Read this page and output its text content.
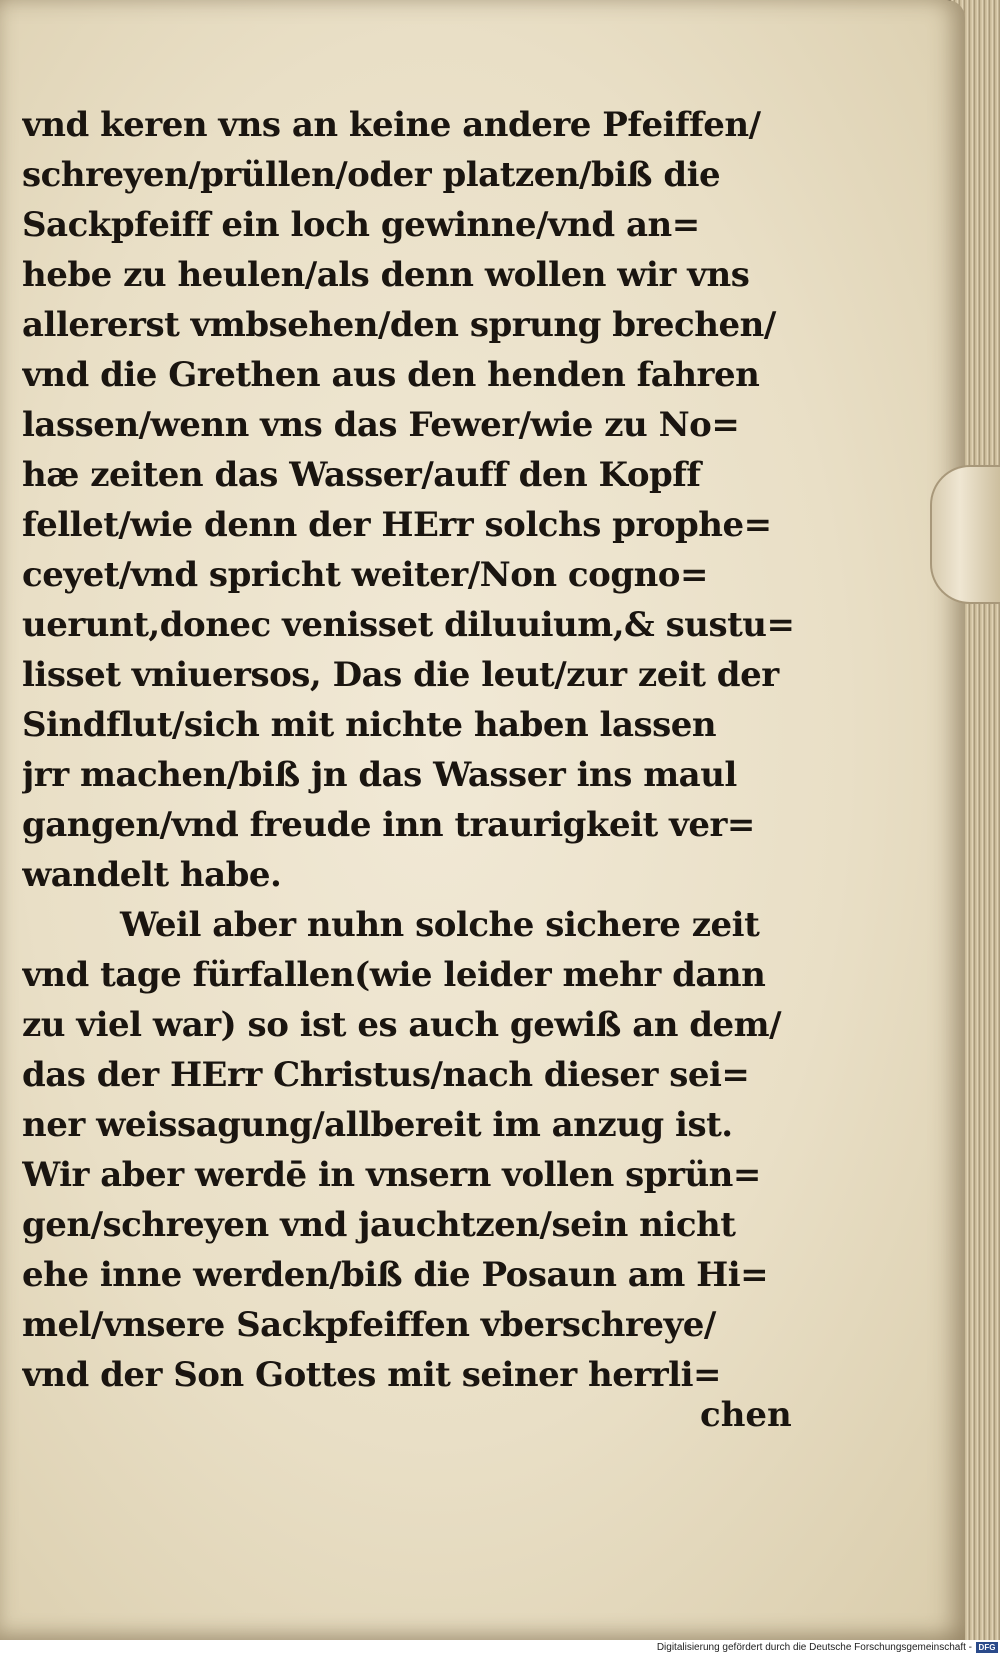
vnd keren vns an keine andere Pfeiffen/
schreyen/prüllen/oder platzen/biß die
Sackpfeiff ein loch gewinne/vnd an=
hebe zu heulen/als denn wollen wir vns
allererst vmbsehen/den sprung brechen/
vnd die Grethen aus den henden fahren
lassen/wenn vns das Fewer/wie zu No=
hæ zeiten das Wasser/auff den Kopff
fellet/wie denn der HErr solchs prophe=
ceyet/vnd spricht weiter/Non cogno=
uerunt,donec venisset diluuium,& sustu=
lisset vniuersos, Das die leut/zur zeit der
Sindflut/sich mit nichte haben lassen
jrr machen/biß jn das Wasser ins maul
gangen/vnd freude inn traurigkeit ver=
wandelt habe.
Weil aber nuhn solche sichere zeit
vnd tage fürfallen(wie leider mehr dann
zu viel war) so ist es auch gewiß an dem/
das der HErr Christus/nach dieser sei=
ner weissagung/allbereit im anzug ist.
Wir aber werdē in vnsern vollen sprün=
gen/schreyen vnd jauchtzen/sein nicht
ehe inne werden/biß die Posaun am Hi=
mel/vnsere Sackpfeiffen vberschreye/
vnd der Son Gottes mit seiner herrli=
chen
Digitalisierung gefördert durch die Deutsche Forschungsgemeinschaft - DFG
